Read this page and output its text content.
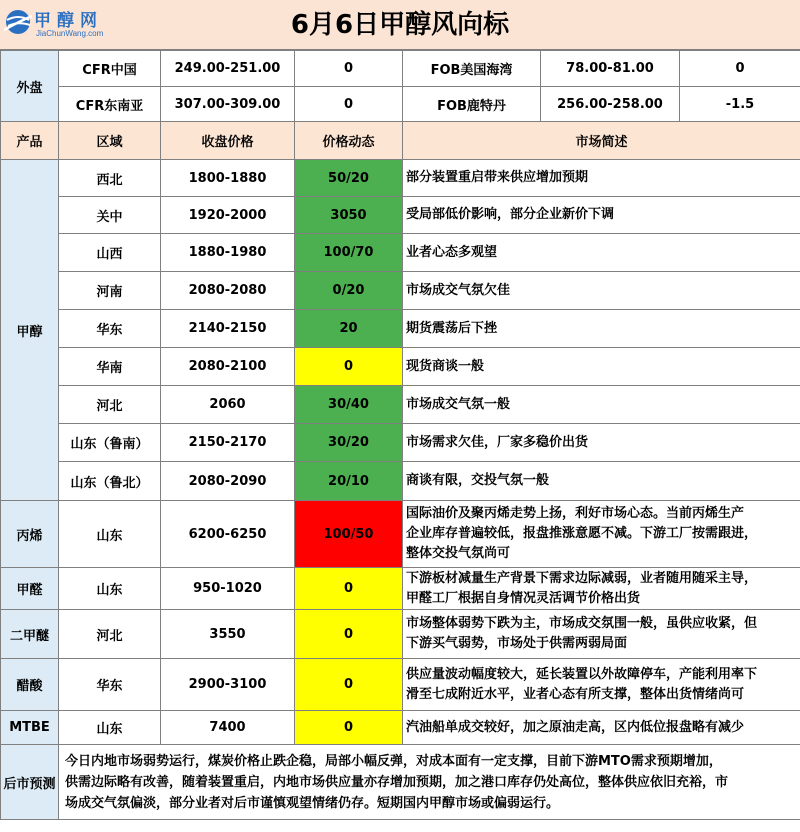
甲醇网
JiaChunWang.com	6月6日甲醇风向标
外盘	CFR中国	249.00-251.00	0	FOB美国海湾	78.00-81.00	0
	CFR东南亚	307.00-309.00	0	FOB鹿特丹	256.00-258.00	-1.5
产品	区域	收盘价格	价格动态	市场简述		
甲醇	西北	1800-1880	50/20	部分装置重启带来供应增加预期		
	关中	1920-2000	3050	受局部低价影响，部分企业新价下调		
	山西	1880-1980	100/70	业者心态多观望		
	河南	2080-2080	0/20	市场成交气氛欠佳		
	华东	2140-2150	20	期货震荡后下挫		
	华南	2080-2100	0	现货商谈一般		
	河北	2060	30/40	市场成交气氛一般		
	山东（鲁南）	2150-2170	30/20	市场需求欠佳，厂家多稳价出货		
	山东（鲁北）	2080-2090	20/10	商谈有限，交投气氛一般		
丙烯	山东	6200-6250	100/50	国际油价及聚丙烯走势上扬，利好市场心态。当前丙烯生产
企业库存普遍较低，报盘推涨意愿不减。下游工厂按需跟进，
整体交投气氛尚可		

甲醛	山东	950-1020	0	下游板材减量生产背景下需求边际减弱，业者随用随采主导，
甲醛工厂根据自身情况灵活调节价格出货		

二甲醚	河北	3550	0	市场整体弱势下跌为主，市场成交氛围一般，虽供应收紧，但
下游买气弱势，市场处于供需两弱局面		

醋酸	华东	2900-3100	0	供应量波动幅度较大，延长装置以外故障停车，产能利用率下
滑至七成附近水平，业者心态有所支撑，整体出货情绪尚可		

MTBE	山东	7400	0	汽油船单成交较好，加之原油走高，区内低位报盘略有减少		

后市预测	今日内地市场弱势运行，煤炭价格止跌企稳，局部小幅反弹，对成本面有一定支撑，目前下游MTO需求预期增加，
供需边际略有改善，随着装置重启，内地市场供应量亦存增加预期，加之港口库存仍处高位，整体供应依旧充裕，市
场成交气氛偏淡，部分业者对后市谨慎观望情绪仍存。短期国内甲醇市场或偏弱运行。					
